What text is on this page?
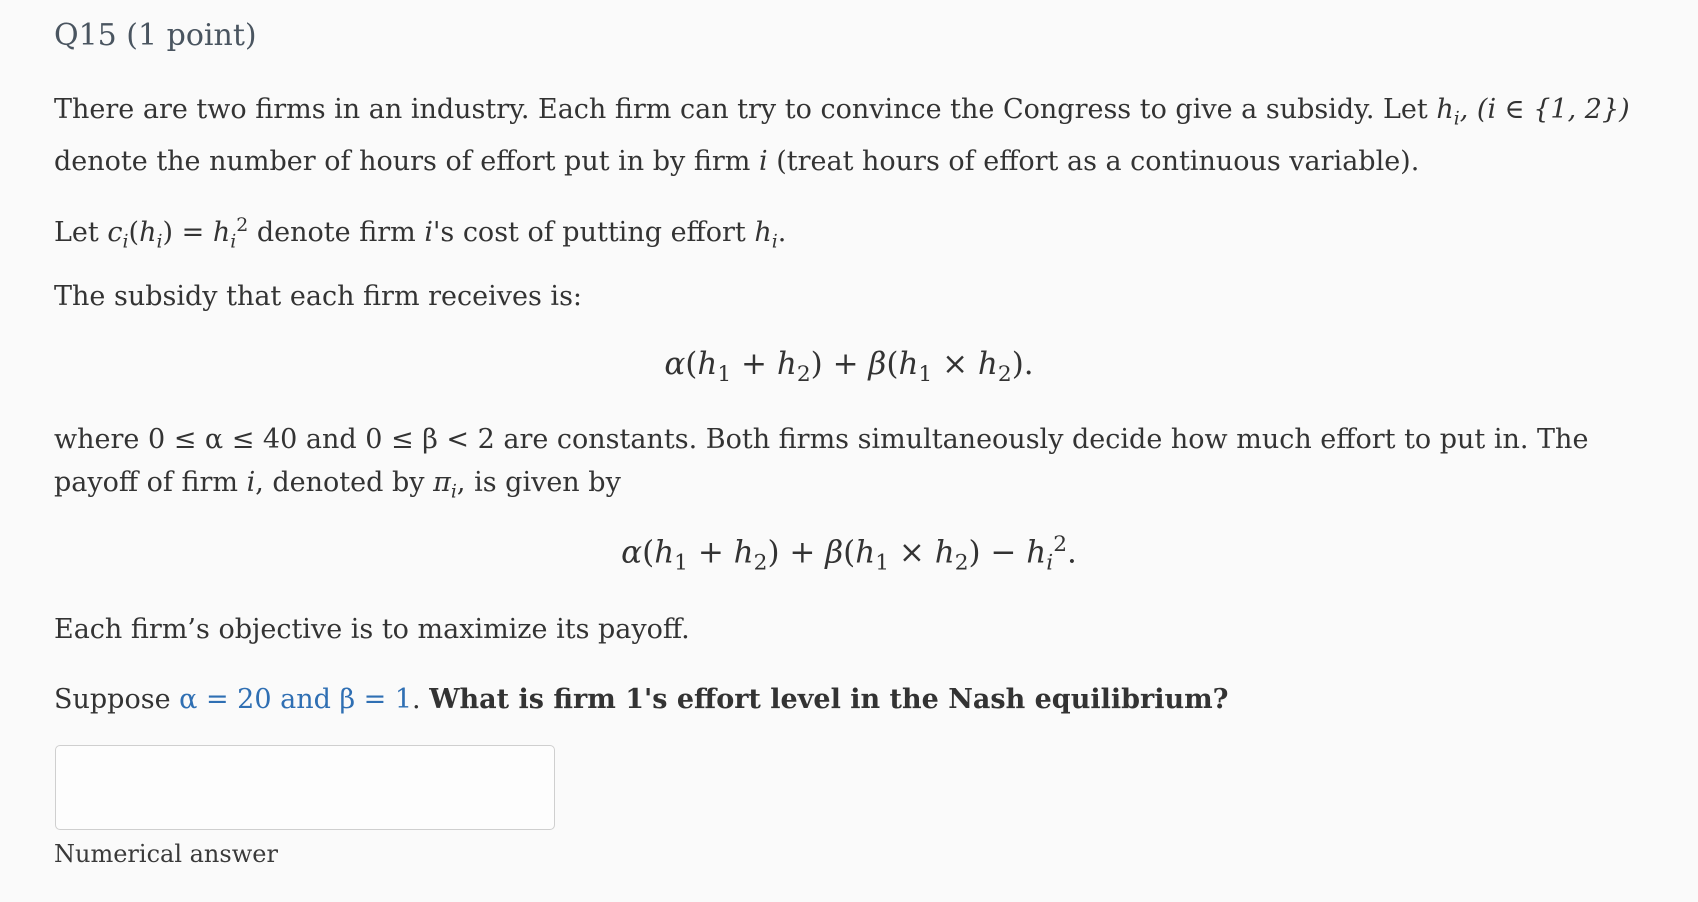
Q15 (1 point)

There are two firms in an industry. Each firm can try to convince the Congress to give a subsidy. Let $h_i$, (i ∈ {1, 2}) denote the number of hours of effort put in by firm i (treat hours of effort as a continuous variable).

Let $c_i(h_i) = h_i^2$ denote firm i's cost of putting effort $h_i$.

The subsidy that each firm receives is:

$\alpha(h_1 + h_2) + \beta(h_1 \times h_2)$.

where 0 ≤ α ≤ 40 and 0 ≤ β < 2 are constants. Both firms simultaneously decide how much effort to put in. The payoff of firm i, denoted by $\pi_i$, is given by

$\alpha(h_1 + h_2) + \beta(h_1 \times h_2) - h_i^2$.

Each firm’s objective is to maximize its payoff.

Suppose α = 20 and β = 1. What is firm 1's effort level in the Nash equilibrium?

Numerical answer
